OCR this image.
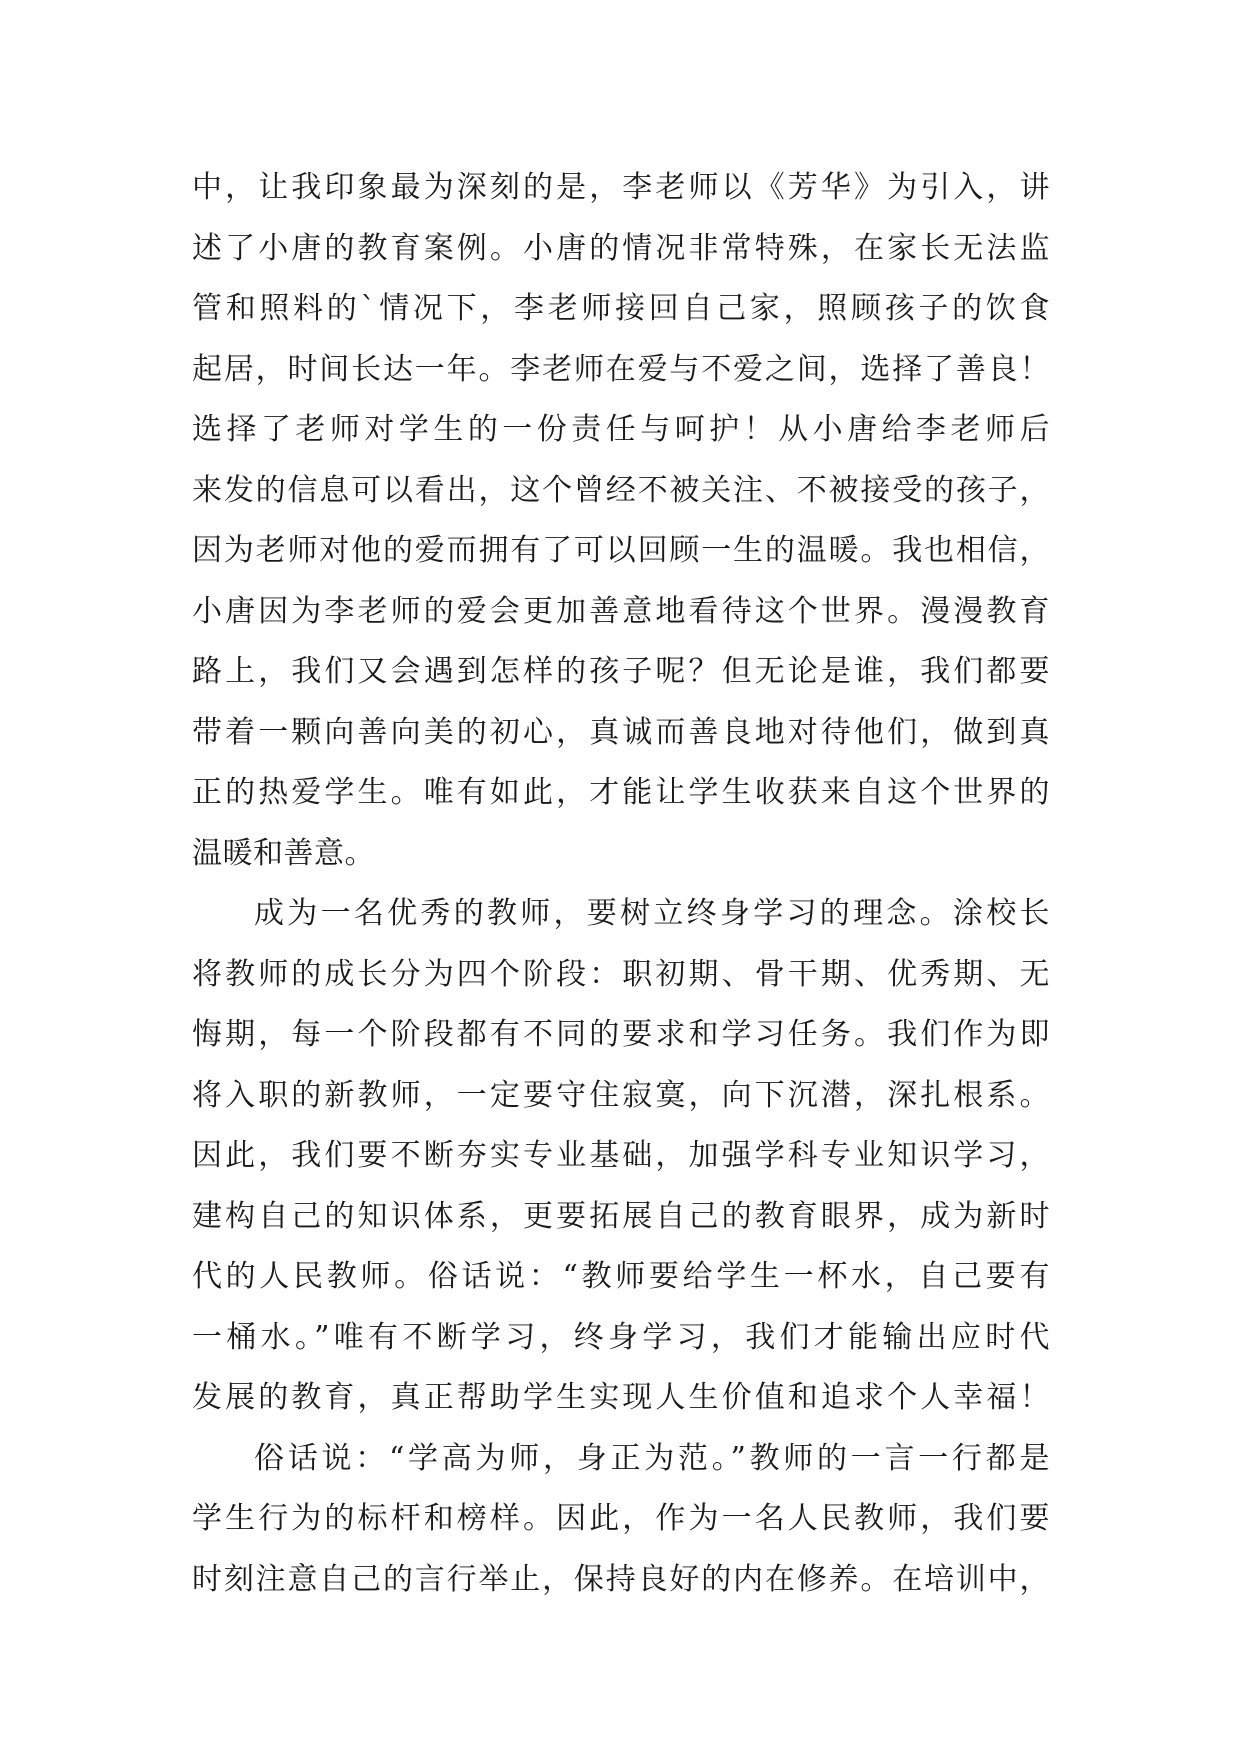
中，让我印象最为深刻的是，李老师以《芳华》为引入，讲
述了小唐的教育案例。小唐的情况非常特殊，在家长无法监
管和照料的`情况下，李老师接回自己家，照顾孩子的饮食
起居，时间长达一年。李老师在爱与不爱之间，选择了善良！
选择了老师对学生的一份责任与呵护！从小唐给李老师后
来发的信息可以看出，这个曾经不被关注、不被接受的孩子，
因为老师对他的爱而拥有了可以回顾一生的温暖。我也相信，
小唐因为李老师的爱会更加善意地看待这个世界。漫漫教育
路上，我们又会遇到怎样的孩子呢？但无论是谁，我们都要
带着一颗向善向美的初心，真诚而善良地对待他们，做到真
正的热爱学生。唯有如此，才能让学生收获来自这个世界的
温暖和善意。
成为一名优秀的教师，要树立终身学习的理念。涂校长
将教师的成长分为四个阶段：职初期、骨干期、优秀期、无
悔期，每一个阶段都有不同的要求和学习任务。我们作为即
将入职的新教师，一定要守住寂寞，向下沉潜，深扎根系。
因此，我们要不断夯实专业基础，加强学科专业知识学习，
建构自己的知识体系，更要拓展自己的教育眼界，成为新时
代的人民教师。俗话说：“教师要给学生一杯水，自己要有
一桶水。”唯有不断学习，终身学习，我们才能输出应时代
发展的教育，真正帮助学生实现人生价值和追求个人幸福！
俗话说：“学高为师，身正为范。”教师的一言一行都是
学生行为的标杆和榜样。因此，作为一名人民教师，我们要
时刻注意自己的言行举止，保持良好的内在修养。在培训中，
